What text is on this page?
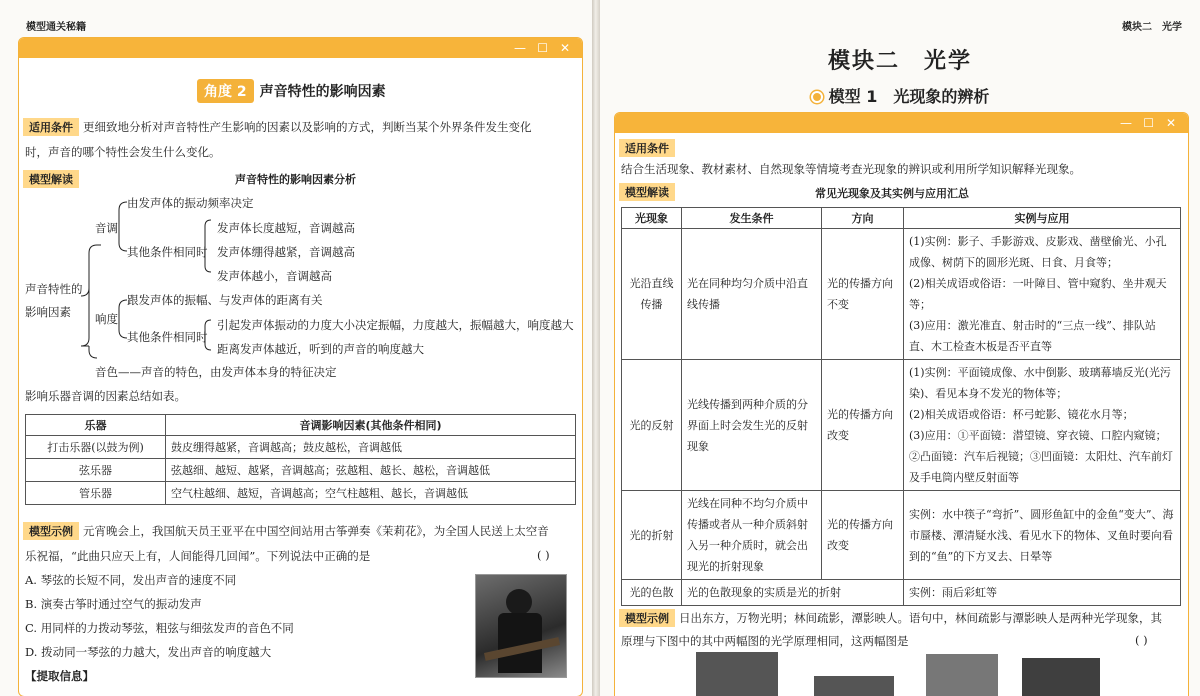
模型通关秘籍
— ☐ ✕
角度 2 声音特性的影响因素
适用条件 更细致地分析对声音特性产生影响的因素以及影响的方式，判断当某个外界条件发生变化
时，声音的哪个特性会发生什么变化。
模型解读	声音特性的影响因素分析
声音特性的
影响因素
音调
由发声体的振动频率决定
其他条件相同时
发声体长度越短，音调越高
发声体绷得越紧，音调越高
发声体越小，音调越高
响度
跟发声体的振幅、与发声体的距离有关
其他条件相同时
引起发声体振动的力度大小决定振幅，力度越大，振幅越大，响度越大
距离发声体越近，听到的声音的响度越大
音色——声音的特色，由发声体本身的特征决定
影响乐器音调的因素总结如表。
乐器	音调影响因素(其他条件相同)
打击乐器(以鼓为例)	鼓皮绷得越紧，音调越高；鼓皮越松，音调越低
弦乐器	弦越细、越短、越紧，音调越高；弦越粗、越长、越松，音调越低
管乐器	空气柱越细、越短，音调越高；空气柱越粗、越长，音调越低
模型示例 元宵晚会上，我国航天员王亚平在中国空间站用古筝弹奏《茉莉花》，为全国人民送上太空音
乐祝福，“此曲只应天上有，人间能得几回闻”。下列说法中正确的是	( )
A. 琴弦的长短不同，发出声音的速度不同
B. 演奏古筝时通过空气的振动发声
C. 用同样的力拨动琴弦，粗弦与细弦发声的音色不同
D. 拨动同一琴弦的力越大，发出声音的响度越大
【提取信息】
模块二　光学
模块二　光学
模型 1　光现象的辨析
— ☐ ✕
适用条件
结合生活现象、教材素材、自然现象等情境考查光现象的辨识或利用所学知识解释光现象。
模型解读	常见光现象及其实例与应用汇总
光现象	发生条件	方向	实例与应用
光沿直线传播	光在同种均匀介质中沿直线传播	光的传播方向不变	(1)实例：影子、手影游戏、皮影戏、凿壁偷光、小孔成像、树荫下的圆形光斑、日食、月食等；
(2)相关成语或俗语：一叶障目、管中窥豹、坐井观天等；
(3)应用：激光准直、射击时的“三点一线”、排队站直、木工检查木板是否平直等

光的反射	光线传播到两种介质的分界面上时会发生光的反射现象	光的传播方向改变	(1)实例：平面镜成像、水中倒影、玻璃幕墙反光(光污染)、看见本身不发光的物体等；
(2)相关成语或俗语：杯弓蛇影、镜花水月等；
(3)应用：①平面镜：潜望镜、穿衣镜、口腔内窥镜；②凸面镜：汽车后视镜；③凹面镜：太阳灶、汽车前灯及手电筒内壁反射面等

光的折射	光线在同种不均匀介质中传播或者从一种介质斜射入另一种介质时，就会出现光的折射现象	光的传播方向改变	实例：水中筷子“弯折”、圆形鱼缸中的金鱼“变大”、海市蜃楼、潭清疑水浅、看见水下的物体、叉鱼时要向看到的“鱼”的下方叉去、日晕等
光的色散	光的色散现象的实质是光的折射		实例：雨后彩虹等
模型示例 日出东方，万物光明；林间疏影，潭影映人。语句中，林间疏影与潭影映人是两种光学现象，其
原理与下图中的其中两幅图的光学原理相同，这两幅图是	( )
